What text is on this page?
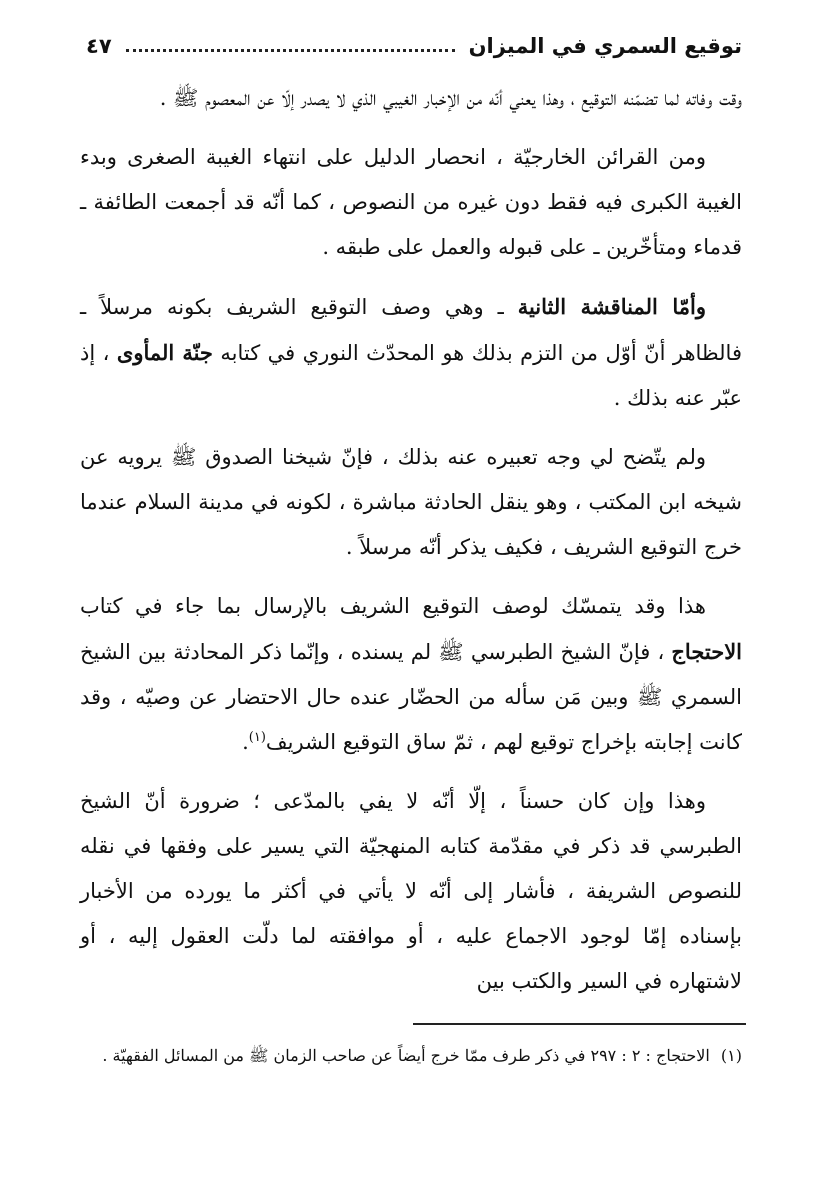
توقيع السمري في الميزان
٤٧

وقت وفاته لما تضمّنه التوقيع ، وهذا يعني أنّه من الإخبار الغيبي الذي لا يصدر إلّا عن المعصوم ﷺ .

ومن القرائن الخارجيّة ، انحصار الدليل على انتهاء الغيبة الصغرى وبدء الغيبة الكبرى فيه فقط دون غيره من النصوص ، كما أنّه قد أجمعت الطائفة ـ قدماء ومتأخّرين ـ على قبوله والعمل على طبقه .

وأمّا المناقشة الثانية ـ وهي وصف التوقيع الشريف بكونه مرسلاً ـ فالظاهر أنّ أوّل من التزم بذلك هو المحدّث النوري في كتابه جنّة المأوى ، إذ عبّر عنه بذلك .

ولم يتّضح لي وجه تعبيره عنه بذلك ، فإنّ شيخنا الصدوق ﷺ يرويه عن شيخه ابن المكتب ، وهو ينقل الحادثة مباشرة ، لكونه في مدينة السلام عندما خرج التوقيع الشريف ، فكيف يذكر أنّه مرسلاً .

هذا وقد يتمسّك لوصف التوقيع الشريف بالإرسال بما جاء في كتاب الاحتجاج ، فإنّ الشيخ الطبرسي ﷺ لم يسنده ، وإنّما ذكر المحادثة بين الشيخ السمري ﷺ وبين مَن سأله من الحضّار عنده حال الاحتضار عن وصيّه ، وقد كانت إجابته بإخراج توقيع لهم ، ثمّ ساق التوقيع الشريف$^{(١)}$.

وهذا وإن كان حسناً ، إلّا أنّه لا يفي بالمدّعى ؛ ضرورة أنّ الشيخ الطبرسي قد ذكر في مقدّمة كتابه المنهجيّة التي يسير على وفقها في نقله للنصوص الشريفة ، فأشار إلى أنّه لا يأتي في أكثر ما يورده من الأخبار بإسناده إمّا لوجود الاجماع عليه ، أو موافقته لما دلّت العقول إليه ، أو لاشتهاره في السير والكتب بين

(١) الاحتجاج : ٢ : ٢٩٧ في ذكر طرف ممّا خرج أيضاً عن صاحب الزمان ﷺ من المسائل الفقهيّة .
